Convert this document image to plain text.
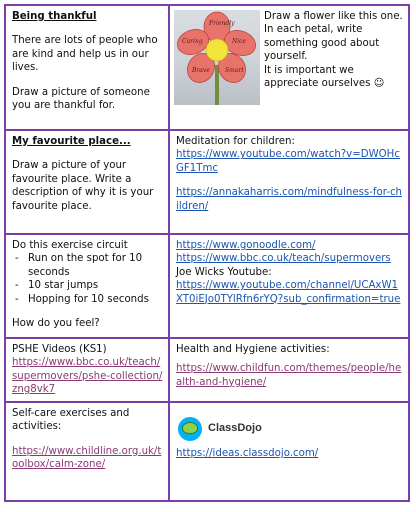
Being thankful

There are lots of people who are kind and help us in our lives.

Draw a picture of someone you are thankful for.

Friendly
Nice
Smart
Brave
Caring

Draw a flower like this one. In each petal, write something good about yourself.

It is important we appreciate ourselves ☺

My favourite place...

Draw a picture of your favourite place. Write a description of why it is your favourite place.

Meditation for children:

https://www.youtube.com/watch?v=DWOHcGF1Tmc
https://annakaharris.com/mindfulness-for-children/

Do this exercise circuit

- Run on the spot for 10 seconds
- 10 star jumps
- Hopping for 10 seconds

How do you feel?

https://www.gonoodle.com/
https://www.bbc.co.uk/teach/supermovers

Joe Wicks Youtube:

https://www.youtube.com/channel/UCAxW1XT0iEJo0TYlRfn6rYQ?sub_confirmation=true

PSHE Videos (KS1)

https://www.bbc.co.uk/teach/supermovers/pshe-collection/zng8vk7

Health and Hygiene activities:

https://www.childfun.com/themes/people/health-and-hygiene/

Self-care exercises and activities:

https://www.childline.org.uk/toolbox/calm-zone/
ClassDojo
https://ideas.classdojo.com/
